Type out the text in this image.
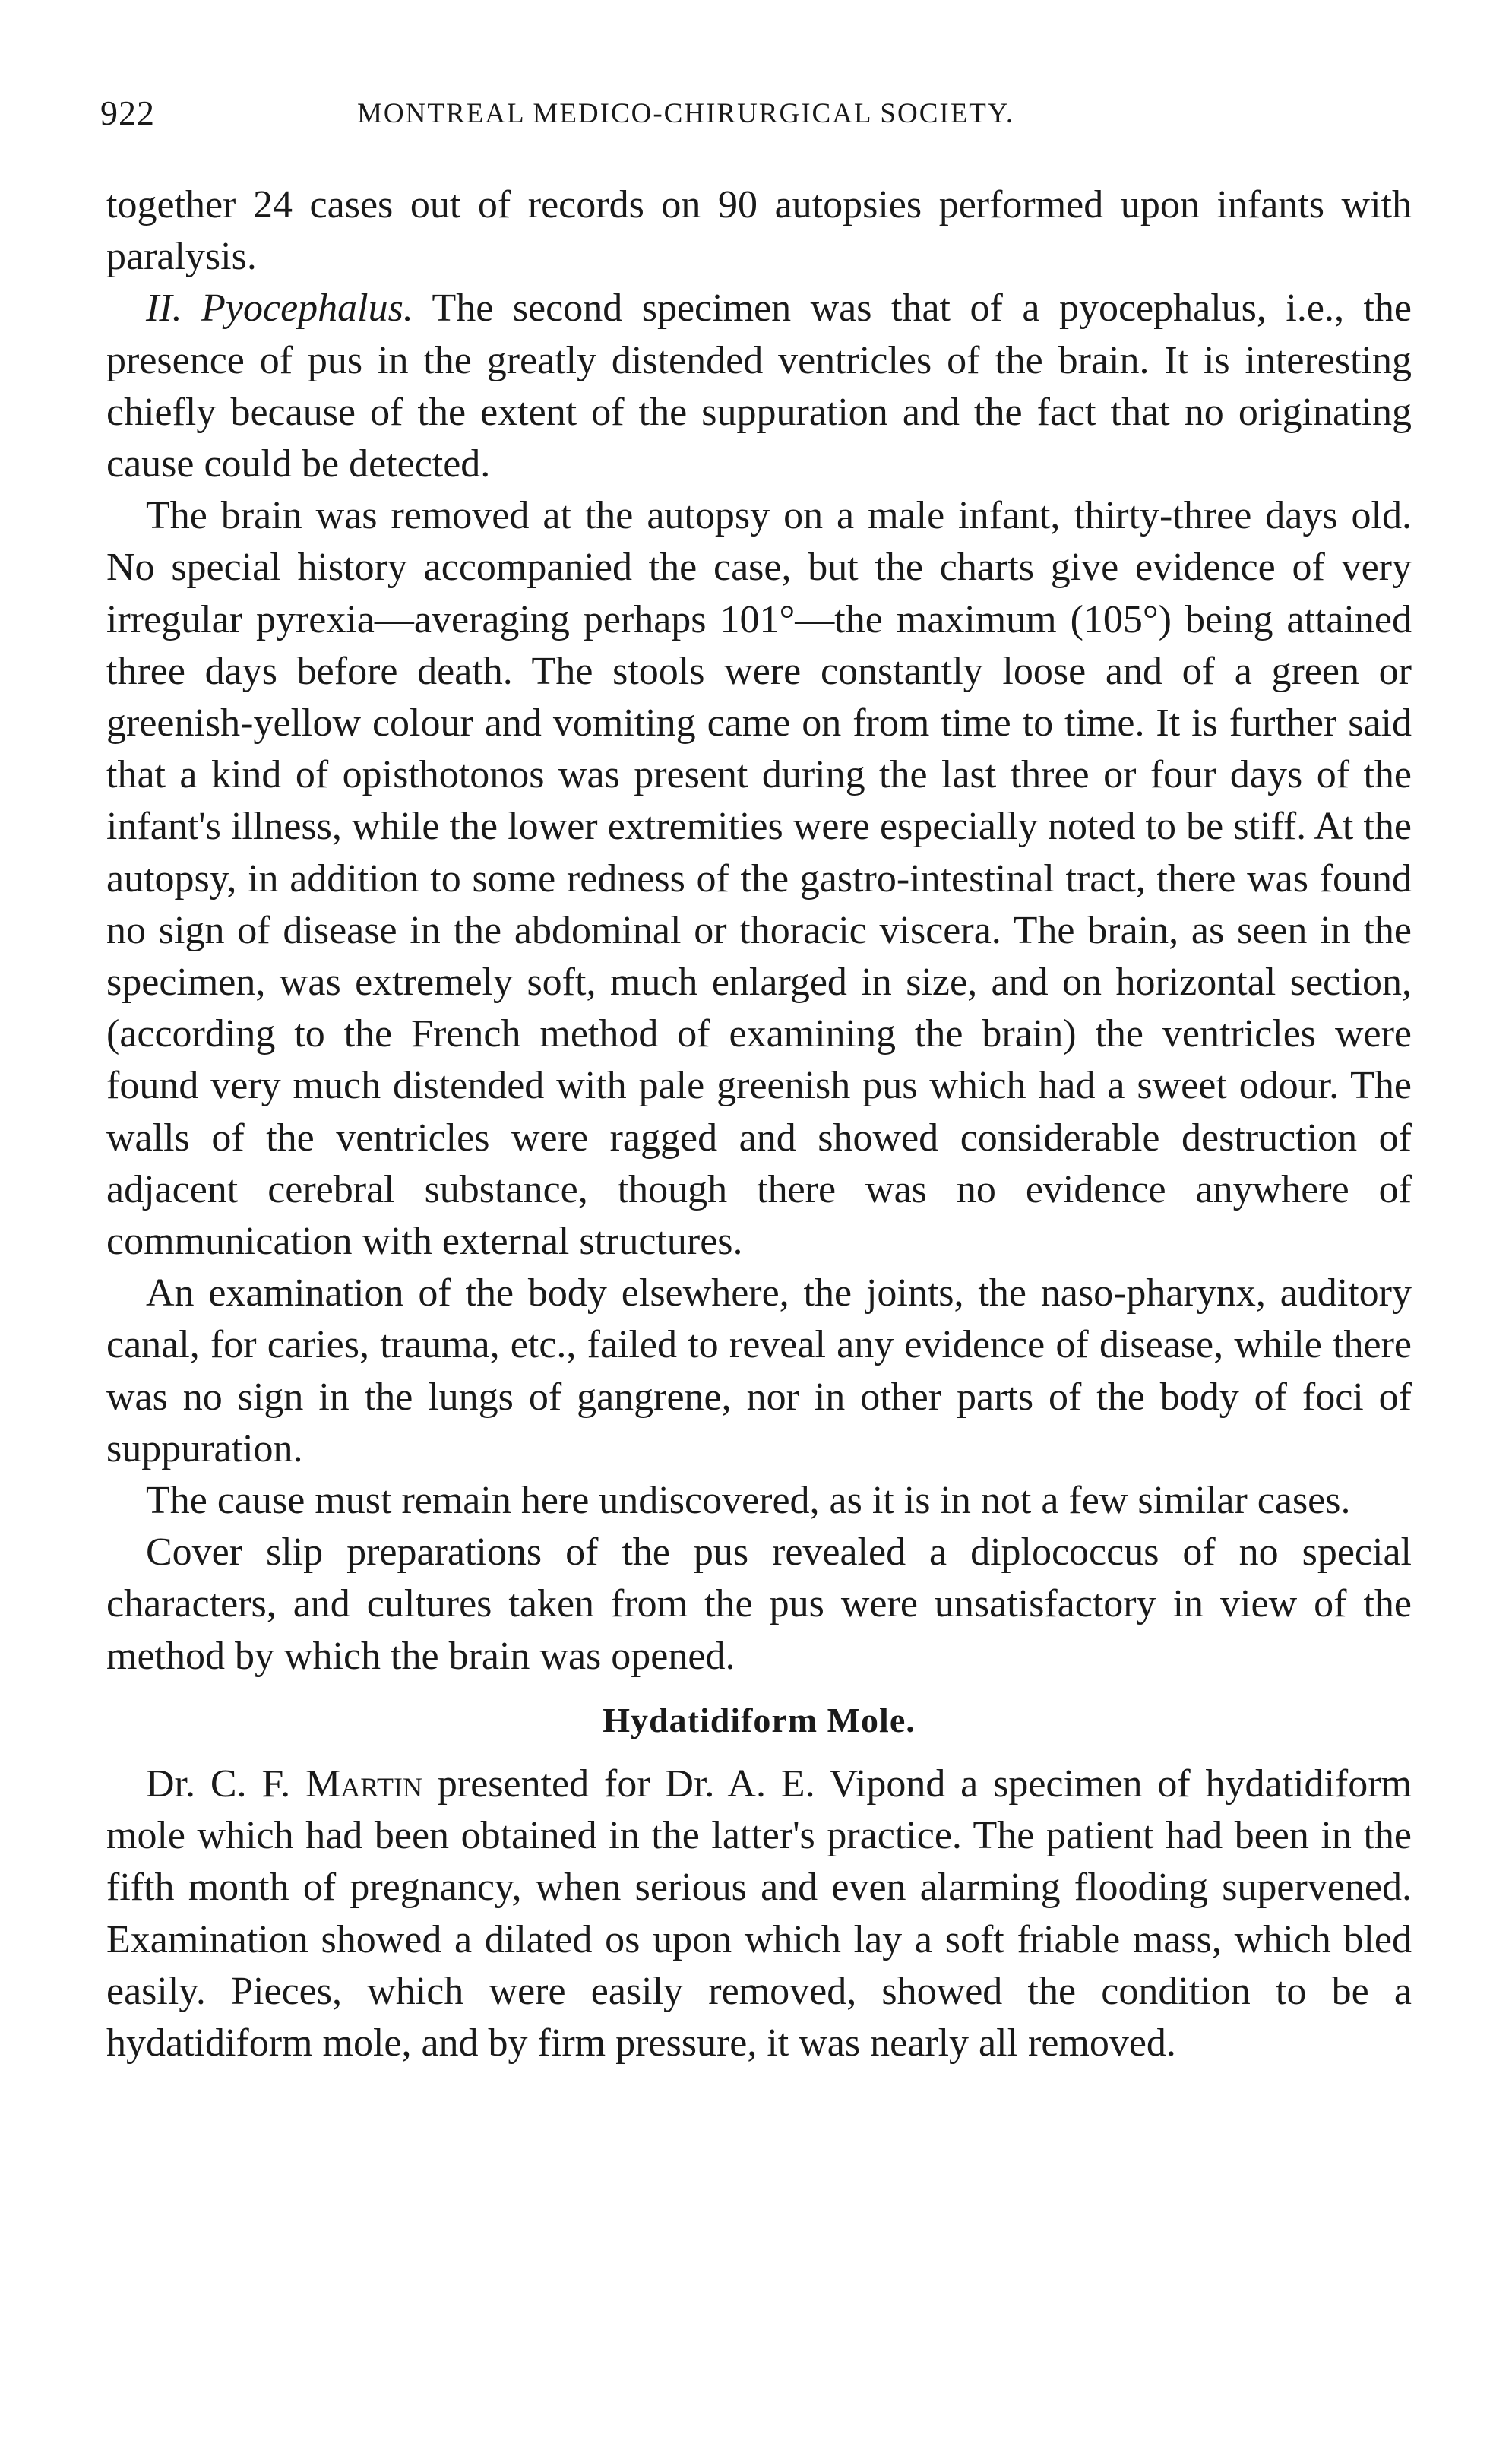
922	MONTREAL MEDICO-CHIRURGICAL SOCIETY.

together 24 cases out of records on 90 autopsies performed upon infants with paralysis.

II. Pyocephalus. The second specimen was that of a pyocephalus, i.e., the presence of pus in the greatly distended ventricles of the brain. It is interesting chiefly because of the extent of the suppuration and the fact that no originating cause could be detected.

The brain was removed at the autopsy on a male infant, thirty-three days old. No special history accompanied the case, but the charts give evidence of very irregular pyrexia—averaging perhaps 101°—the maximum (105°) being attained three days before death. The stools were constantly loose and of a green or greenish-yellow colour and vomiting came on from time to time. It is further said that a kind of opisthotonos was present during the last three or four days of the infant's illness, while the lower extremities were especially noted to be stiff. At the autopsy, in addition to some redness of the gastro-intestinal tract, there was found no sign of disease in the abdominal or thoracic viscera. The brain, as seen in the specimen, was extremely soft, much enlarged in size, and on horizontal section, (according to the French method of examining the brain) the ventricles were found very much distended with pale greenish pus which had a sweet odour. The walls of the ventricles were ragged and showed considerable destruction of adjacent cerebral substance, though there was no evidence anywhere of communication with external structures.

An examination of the body elsewhere, the joints, the naso-pharynx, auditory canal, for caries, trauma, etc., failed to reveal any evidence of disease, while there was no sign in the lungs of gangrene, nor in other parts of the body of foci of suppuration.

The cause must remain here undiscovered, as it is in not a few similar cases.

Cover slip preparations of the pus revealed a diplococcus of no special characters, and cultures taken from the pus were unsatisfactory in view of the method by which the brain was opened.

Hydatidiform Mole.

Dr. C. F. Martin presented for Dr. A. E. Vipond a specimen of hydatidiform mole which had been obtained in the latter's practice. The patient had been in the fifth month of pregnancy, when serious and even alarming flooding supervened. Examination showed a dilated os upon which lay a soft friable mass, which bled easily. Pieces, which were easily removed, showed the condition to be a hydatidiform mole, and by firm pressure, it was nearly all removed.
